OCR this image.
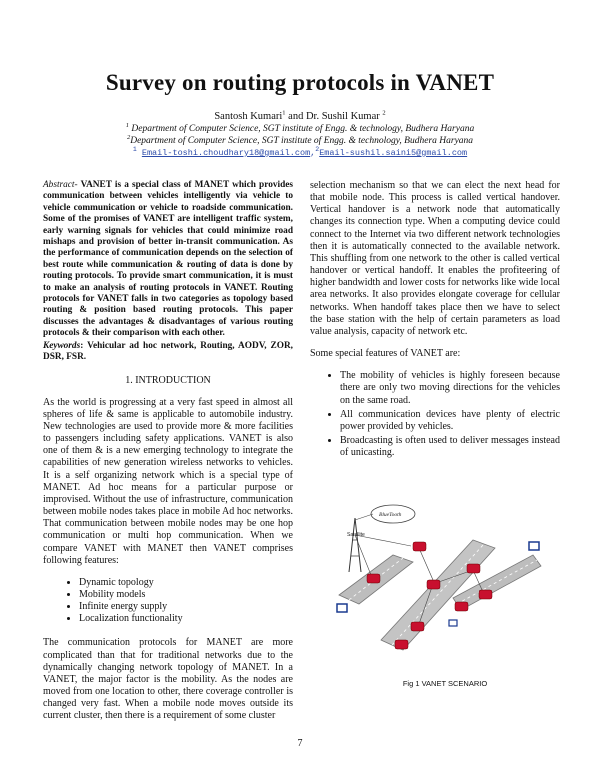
Survey on routing protocols in VANET
Santosh Kumari$^1$ and Dr. Sushil Kumar $^2$
$^1$ Department of Computer Science, SGT institute of Engg. & technology, Budhera Haryana
$^2$Department of Computer Science, SGT institute of Engg. & technology, Budhera Haryana
$^1$ Email-toshi.choudhary18@gmail.com,$^2$Email-sushil.saini5@gmail.com

Abstract- VANET is a special class of MANET which provides communication between vehicles intelligently via vehicle to vehicle communication or vehicle to roadside communication. Some of the promises of VANET are intelligent traffic system, early warning signals for vehicles that could minimize road mishaps and provision of better in-transit communication. As the performance of communication depends on the selection of best route while communication & routing of data is done by routing protocols. To provide smart communication, it is must to make an analysis of routing protocols in VANET. Routing protocols for VANET falls in two categories as topology based routing & position based routing protocols. This paper discusses the advantages & disadvantages of various routing protocols & their comparison with each other.

Keywords: Vehicular ad hoc network, Routing, AODV, ZOR, DSR, FSR.

1. INTRODUCTION

As the world is progressing at a very fast speed in almost all spheres of life & same is applicable to automobile industry. New technologies are used to provide more & more facilities to passengers including safety applications. VANET is also one of them & is a new emerging technology to integrate the capabilities of new generation wireless networks to vehicles. It is a self organizing network which is a special type of MANET. Ad hoc means for a particular purpose or improvised. Without the use of infrastructure, communication between mobile nodes takes place in mobile Ad hoc networks. That communication between mobile nodes may be one hop communication or multi hop communication. When we compare VANET with MANET then VANET comprises following features:

• Dynamic topology
• Mobility models
• Infinite energy supply
• Localization functionality

The communication protocols for MANET are more complicated than that for traditional networks due to the dynamically changing network topology of MANET. In a VANET, the major factor is the mobility. As the nodes are moved from one location to other, there coverage controller is changed very fast. When a mobile node moves outside its current cluster, then there is a requirement of some cluster

selection mechanism so that we can elect the next head for that mobile node. This process is called vertical handover. Vertical handover is a network node that automatically changes its connection type. When a computing device could connect to the Internet via two different network technologies then it is automatically connected to the available network. This shuffling from one network to the other is called vertical handover or vertical handoff. It enables the profiteering of higher bandwidth and lower costs for networks like wide local area networks. It also provides elongate coverage for cellular networks. When handoff takes place then we have to select the base station with the help of certain parameters as load value analysis, capacity of network etc.

Some special features of VANET are:

• The mobility of vehicles is highly foreseen because there are only two moving directions for the vehicles on the same road.
• All communication devices have plenty of electric power provided by vehicles.
• Broadcasting is often used to deliver messages instead of unicasting.
Satellite
BlueTooth
Fig 1 VANET SCENARIO
7
